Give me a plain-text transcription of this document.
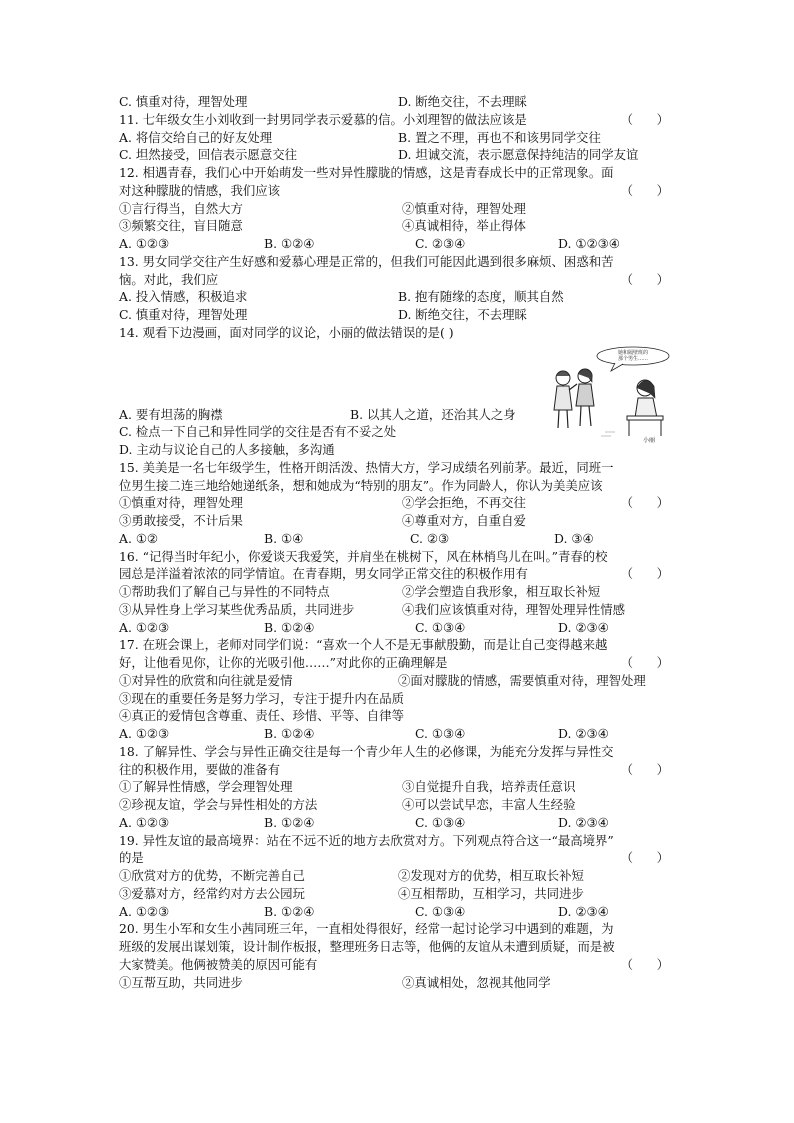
C. 慎重对待，理智处理	D. 断绝交往，不去理睬
11. 七年级女生小刘收到一封男同学表示爱慕的信。小刘理智的做法应该是	（      ）
A. 将信交给自己的好友处理	B. 置之不理，再也不和该男同学交往
C. 坦然接受，回信表示愿意交往	D. 坦诚交流，表示愿意保持纯洁的同学友谊
12. 相遇青春，我们心中开始萌发一些对异性朦胧的情感，这是青春成长中的正常现象。面
对这种朦胧的情感，我们应该	（      ）
①言行得当，自然大方	②慎重对待，理智处理
③频繁交往，盲目随意	④真诚相待，举止得体
A. ①②③	B. ①②④	C. ②③④	D. ①②③④
13. 男女同学交往产生好感和爱慕心理是正常的，但我们可能因此遇到很多麻烦、困惑和苦
恼。对此，我们应	（      ）
A. 投入情感，积极追求	B. 抱有随缘的态度，顺其自然
C. 慎重对待，理智处理	D. 断绝交往，不去理睬
14. 观看下边漫画，面对同学的议论，小丽的做法错误的是( )
A. 要有坦荡的胸襟	B. 以其人之道，还治其人之身
C. 检点一下自己和异性同学的交往是否有不妥之处
D. 主动与议论自己的人多接触，多沟通
15. 美美是一名七年级学生，性格开朗活泼、热情大方，学习成绩名列前茅。最近，同班一
位男生接二连三地给她递纸条，想和她成为“特别的朋友”。作为同龄人，你认为美美应该
①慎重对待，理智处理	②学会拒绝，不再交往	（      ）
③勇敢接受，不计后果	④尊重对方，自重自爱
A. ①②	B. ①④	C. ②③	D. ③④
16. “记得当时年纪小，你爱谈天我爱笑，并肩坐在桃树下，风在林梢鸟儿在叫。”青春的校
园总是洋溢着浓浓的同学情谊。在青春期，男女同学正常交往的积极作用有	（      ）
①帮助我们了解自己与异性的不同特点	②学会塑造自我形象，相互取长补短
③从异性身上学习某些优秀品质，共同进步	④我们应该慎重对待，理智处理异性情感
A. ①②③	B. ①②④	C. ①③④	D. ②③④
17. 在班会课上，老师对同学们说：“喜欢一个人不是无事献殷勤，而是让自己变得越来越
好，让他看见你，让你的光吸引他……”对此你的正确理解是	（      ）
①对异性的欣赏和向往就是爱情	②面对朦胧的情感，需要慎重对待，理智处理
③现在的重要任务是努力学习，专注于提升内在品质
④真正的爱情包含尊重、责任、珍惜、平等、自律等
A. ①②③	B. ①②④	C. ①③④	D. ②③④
18. 了解异性、学会与异性正确交往是每一个青少年人生的必修课，为能充分发挥与异性交
往的积极作用，要做的准备有	（      ）
①了解异性情感，学会理智处理	③自觉提升自我，培养责任意识
②珍视友谊，学会与异性相处的方法	④可以尝试早恋，丰富人生经验
A. ①②③	B. ①②④	C. ①③④	D. ②③④
19. 异性友谊的最高境界：站在不远不近的地方去欣赏对方。下列观点符合这一“最高境界”
的是	（      ）
①欣赏对方的优势，不断完善自己	②发现对方的优势，相互取长补短
③爱慕对方，经常约对方去公园玩	④互相帮助，互相学习，共同进步
A. ①②③	B. ①②④	C. ①③④	D. ②③④
20. 男生小军和女生小茜同班三年，一直相处得很好，经常一起讨论学习中遇到的难题，为
班级的发展出谋划策，设计制作板报，整理班务日志等，他俩的友谊从未遭到质疑，而是被
大家赞美。他俩被赞美的原因可能有	（      ）
①互帮互助，共同进步	②真诚相处，忽视其他同学
她和隔壁班的
那个男生……
小丽
